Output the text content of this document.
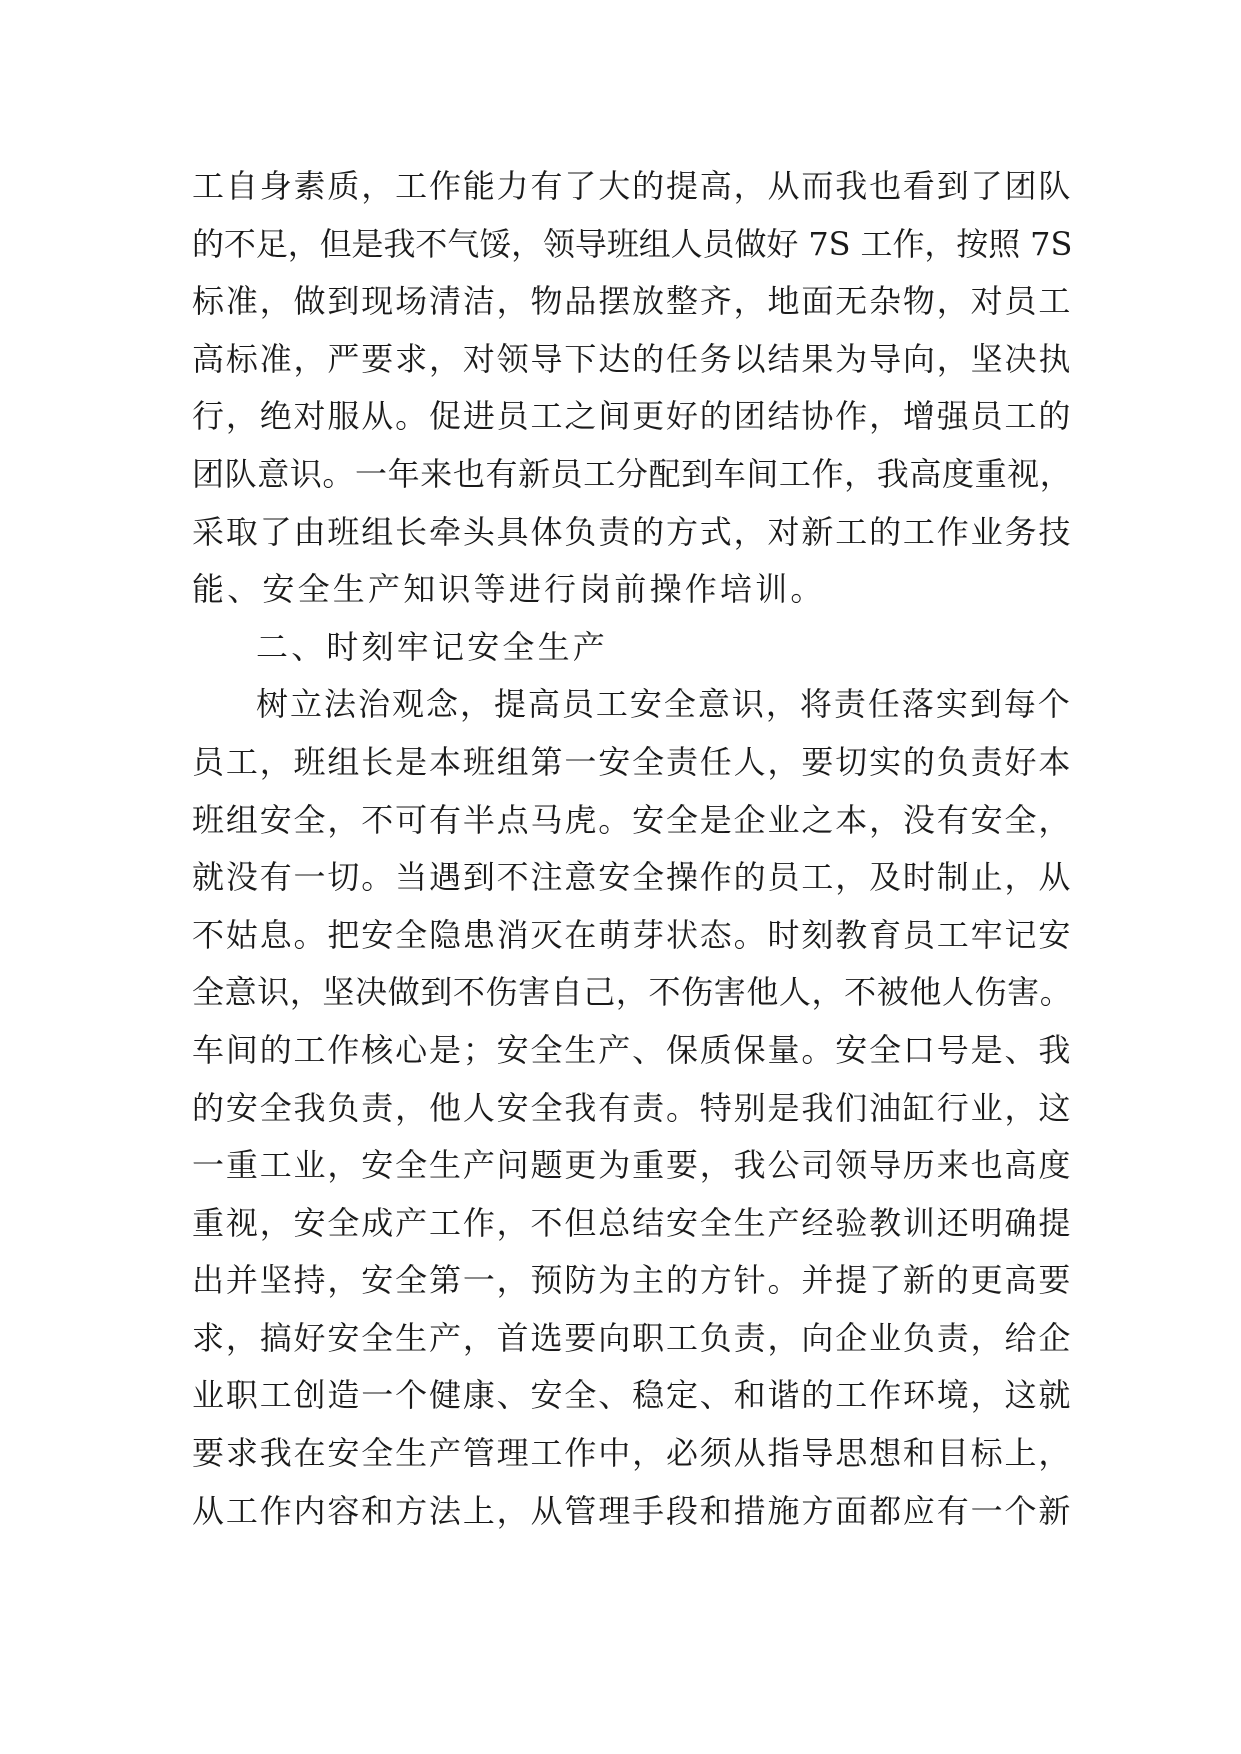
工自身素质，工作能力有了大的提高，从而我也看到了团队
的不足，但是我不气馁，领导班组人员做好 7S 工作，按照 7S
标准，做到现场清洁，物品摆放整齐，地面无杂物，对员工
高标准，严要求，对领导下达的任务以结果为导向，坚决执
行，绝对服从。促进员工之间更好的团结协作，增强员工的
团队意识。一年来也有新员工分配到车间工作，我高度重视，
采取了由班组长牵头具体负责的方式，对新工的工作业务技
能、安全生产知识等进行岗前操作培训。
二、时刻牢记安全生产
树立法治观念，提高员工安全意识，将责任落实到每个
员工，班组长是本班组第一安全责任人，要切实的负责好本
班组安全，不可有半点马虎。安全是企业之本，没有安全，
就没有一切。当遇到不注意安全操作的员工，及时制止，从
不姑息。把安全隐患消灭在萌芽状态。时刻教育员工牢记安
全意识，坚决做到不伤害自己，不伤害他人，不被他人伤害。
车间的工作核心是；安全生产、保质保量。安全口号是、我
的安全我负责，他人安全我有责。特别是我们油缸行业，这
一重工业，安全生产问题更为重要，我公司领导历来也高度
重视，安全成产工作，不但总结安全生产经验教训还明确提
出并坚持，安全第一，预防为主的方针。并提了新的更高要
求，搞好安全生产，首选要向职工负责，向企业负责，给企
业职工创造一个健康、安全、稳定、和谐的工作环境，这就
要求我在安全生产管理工作中，必须从指导思想和目标上，
从工作内容和方法上，从管理手段和措施方面都应有一个新
